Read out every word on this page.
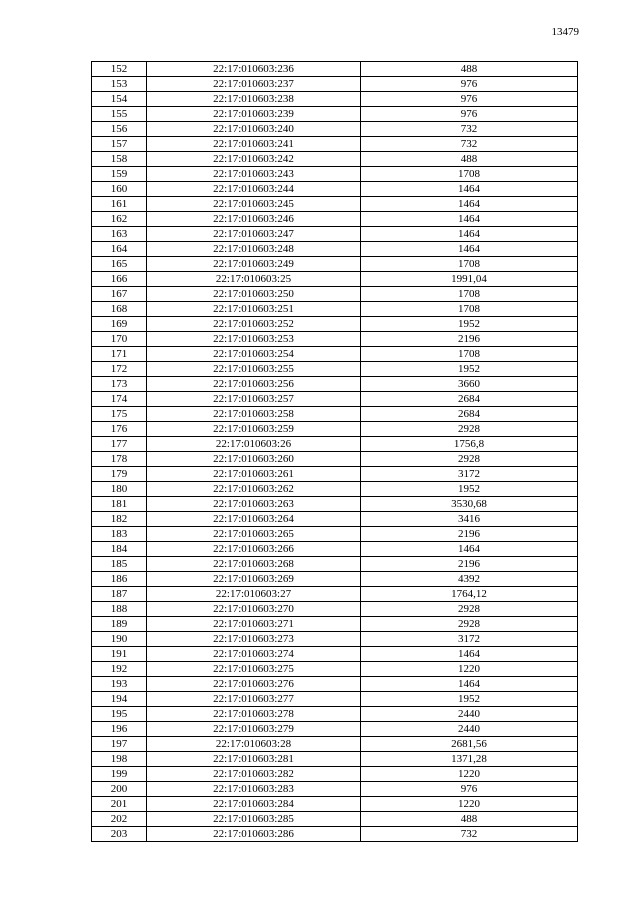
13479
152	22:17:010603:236	488
153	22:17:010603:237	976
154	22:17:010603:238	976
155	22:17:010603:239	976
156	22:17:010603:240	732
157	22:17:010603:241	732
158	22:17:010603:242	488
159	22:17:010603:243	1708
160	22:17:010603:244	1464
161	22:17:010603:245	1464
162	22:17:010603:246	1464
163	22:17:010603:247	1464
164	22:17:010603:248	1464
165	22:17:010603:249	1708
166	22:17:010603:25	1991,04
167	22:17:010603:250	1708
168	22:17:010603:251	1708
169	22:17:010603:252	1952
170	22:17:010603:253	2196
171	22:17:010603:254	1708
172	22:17:010603:255	1952
173	22:17:010603:256	3660
174	22:17:010603:257	2684
175	22:17:010603:258	2684
176	22:17:010603:259	2928
177	22:17:010603:26	1756,8
178	22:17:010603:260	2928
179	22:17:010603:261	3172
180	22:17:010603:262	1952
181	22:17:010603:263	3530,68
182	22:17:010603:264	3416
183	22:17:010603:265	2196
184	22:17:010603:266	1464
185	22:17:010603:268	2196
186	22:17:010603:269	4392
187	22:17:010603:27	1764,12
188	22:17:010603:270	2928
189	22:17:010603:271	2928
190	22:17:010603:273	3172
191	22:17:010603:274	1464
192	22:17:010603:275	1220
193	22:17:010603:276	1464
194	22:17:010603:277	1952
195	22:17:010603:278	2440
196	22:17:010603:279	2440
197	22:17:010603:28	2681,56
198	22:17:010603:281	1371,28
199	22:17:010603:282	1220
200	22:17:010603:283	976
201	22:17:010603:284	1220
202	22:17:010603:285	488
203	22:17:010603:286	732
